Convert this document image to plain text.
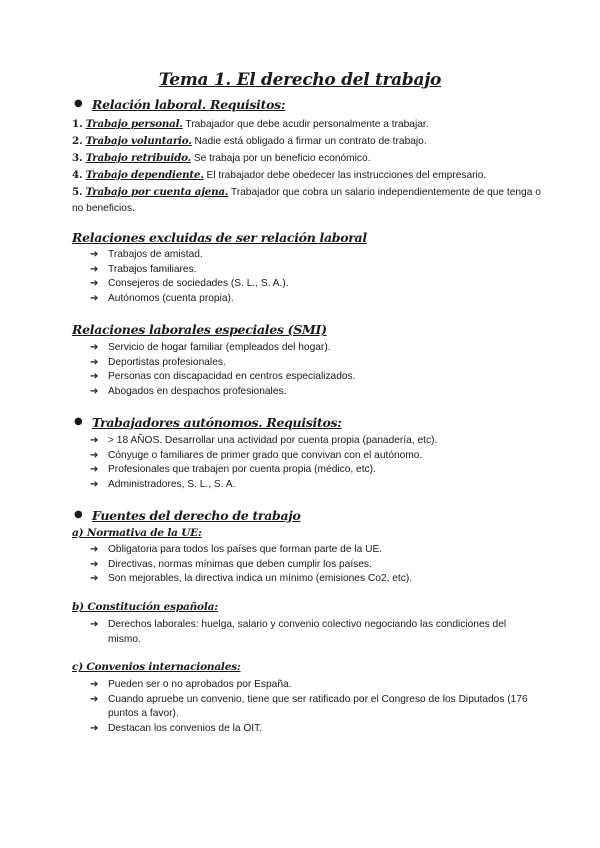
Tema 1. El derecho del trabajo
● Relación laboral. Requisitos:
1. Trabajo personal. Trabajador que debe acudir personalmente a trabajar.
2. Trabajo voluntario. Nadie está obligado a firmar un contrato de trabajo.
3. Trabajo retribuido. Se trabaja por un beneficio económico.
4. Trabajo dependiente. El trabajador debe obedecer las instrucciones del empresario.
5. Trabajo por cuenta ajena. Trabajador que cobra un salario independientemente de que tenga o no beneficios.
Relaciones excluidas de ser relación laboral
➔ Trabajos de amistad.
➔ Trabajos familiares.
➔ Consejeros de sociedades (S. L., S. A.).
➔ Autónomos (cuenta propia).
Relaciones laborales especiales (SMI)
➔ Servicio de hogar familiar (empleados del hogar).
➔ Deportistas profesionales.
➔ Personas con discapacidad en centros especializados.
➔ Abogados en despachos profesionales.
● Trabajadores autónomos. Requisitos:
➔ > 18 AÑOS. Desarrollar una actividad por cuenta propia (panadería, etc).
➔ Cónyuge o familiares de primer grado que convivan con el autónomo.
➔ Profesionales que trabajen por cuenta propia (médico, etc).
➔ Administradores, S. L., S. A.
● Fuentes del derecho de trabajo
a) Normativa de la UE:
➔ Obligatoria para todos los países que forman parte de la UE.
➔ Directivas, normas mínimas que deben cumplir los países.
➔ Son mejorables, la directiva indica un mínimo (emisiones Co2, etc).
b) Constitución española:
➔ Derechos laborales: huelga, salario y convenio colectivo negociando las condiciones del mismo.
c) Convenios internacionales:
➔ Pueden ser o no aprobados por España.
➔ Cuando apruebe un convenio, tiene que ser ratificado por el Congreso de los Diputados (176 puntos a favor).
➔ Destacan los convenios de la OIT.
